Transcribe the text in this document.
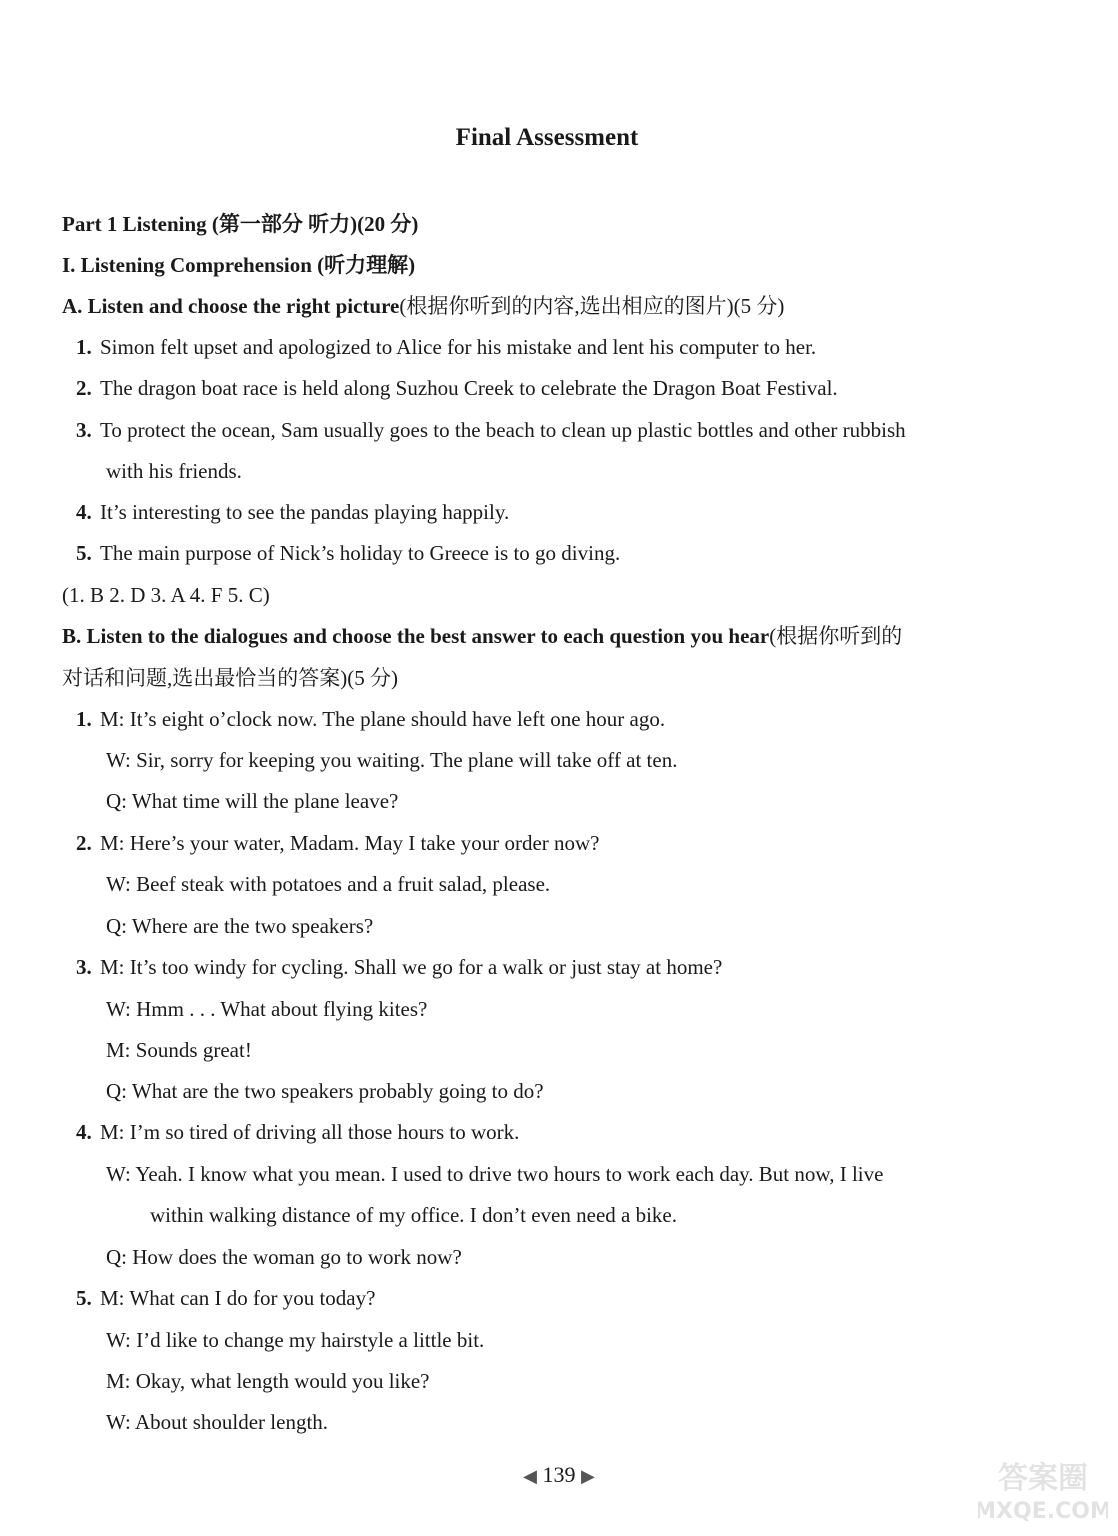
Final Assessment
Part 1 Listening (第一部分 听力)(20 分)
I. Listening Comprehension (听力理解)
A. Listen and choose the right picture(根据你听到的内容,选出相应的图片)(5 分)
1. Simon felt upset and apologized to Alice for his mistake and lent his computer to her.
2. The dragon boat race is held along Suzhou Creek to celebrate the Dragon Boat Festival.
3. To protect the ocean, Sam usually goes to the beach to clean up plastic bottles and other rubbish
with his friends.
4. It’s interesting to see the pandas playing happily.
5. The main purpose of Nick’s holiday to Greece is to go diving.
(1. B 2. D 3. A 4. F 5. C)
B. Listen to the dialogues and choose the best answer to each question you hear(根据你听到的
对话和问题,选出最恰当的答案)(5 分)
1. M: It’s eight o’clock now. The plane should have left one hour ago.
W: Sir, sorry for keeping you waiting. The plane will take off at ten.
Q: What time will the plane leave?
2. M: Here’s your water, Madam. May I take your order now?
W: Beef steak with potatoes and a fruit salad, please.
Q: Where are the two speakers?
3. M: It’s too windy for cycling. Shall we go for a walk or just stay at home?
W: Hmm . . . What about flying kites?
M: Sounds great!
Q: What are the two speakers probably going to do?
4. M: I’m so tired of driving all those hours to work.
W: Yeah. I know what you mean. I used to drive two hours to work each day. But now, I live
within walking distance of my office. I don’t even need a bike.
Q: How does the woman go to work now?
5. M: What can I do for you today?
W: I’d like to change my hairstyle a little bit.
M: Okay, what length would you like?
W: About shoulder length.
◀ 139 ▶	答案圈
MXQE.COM
